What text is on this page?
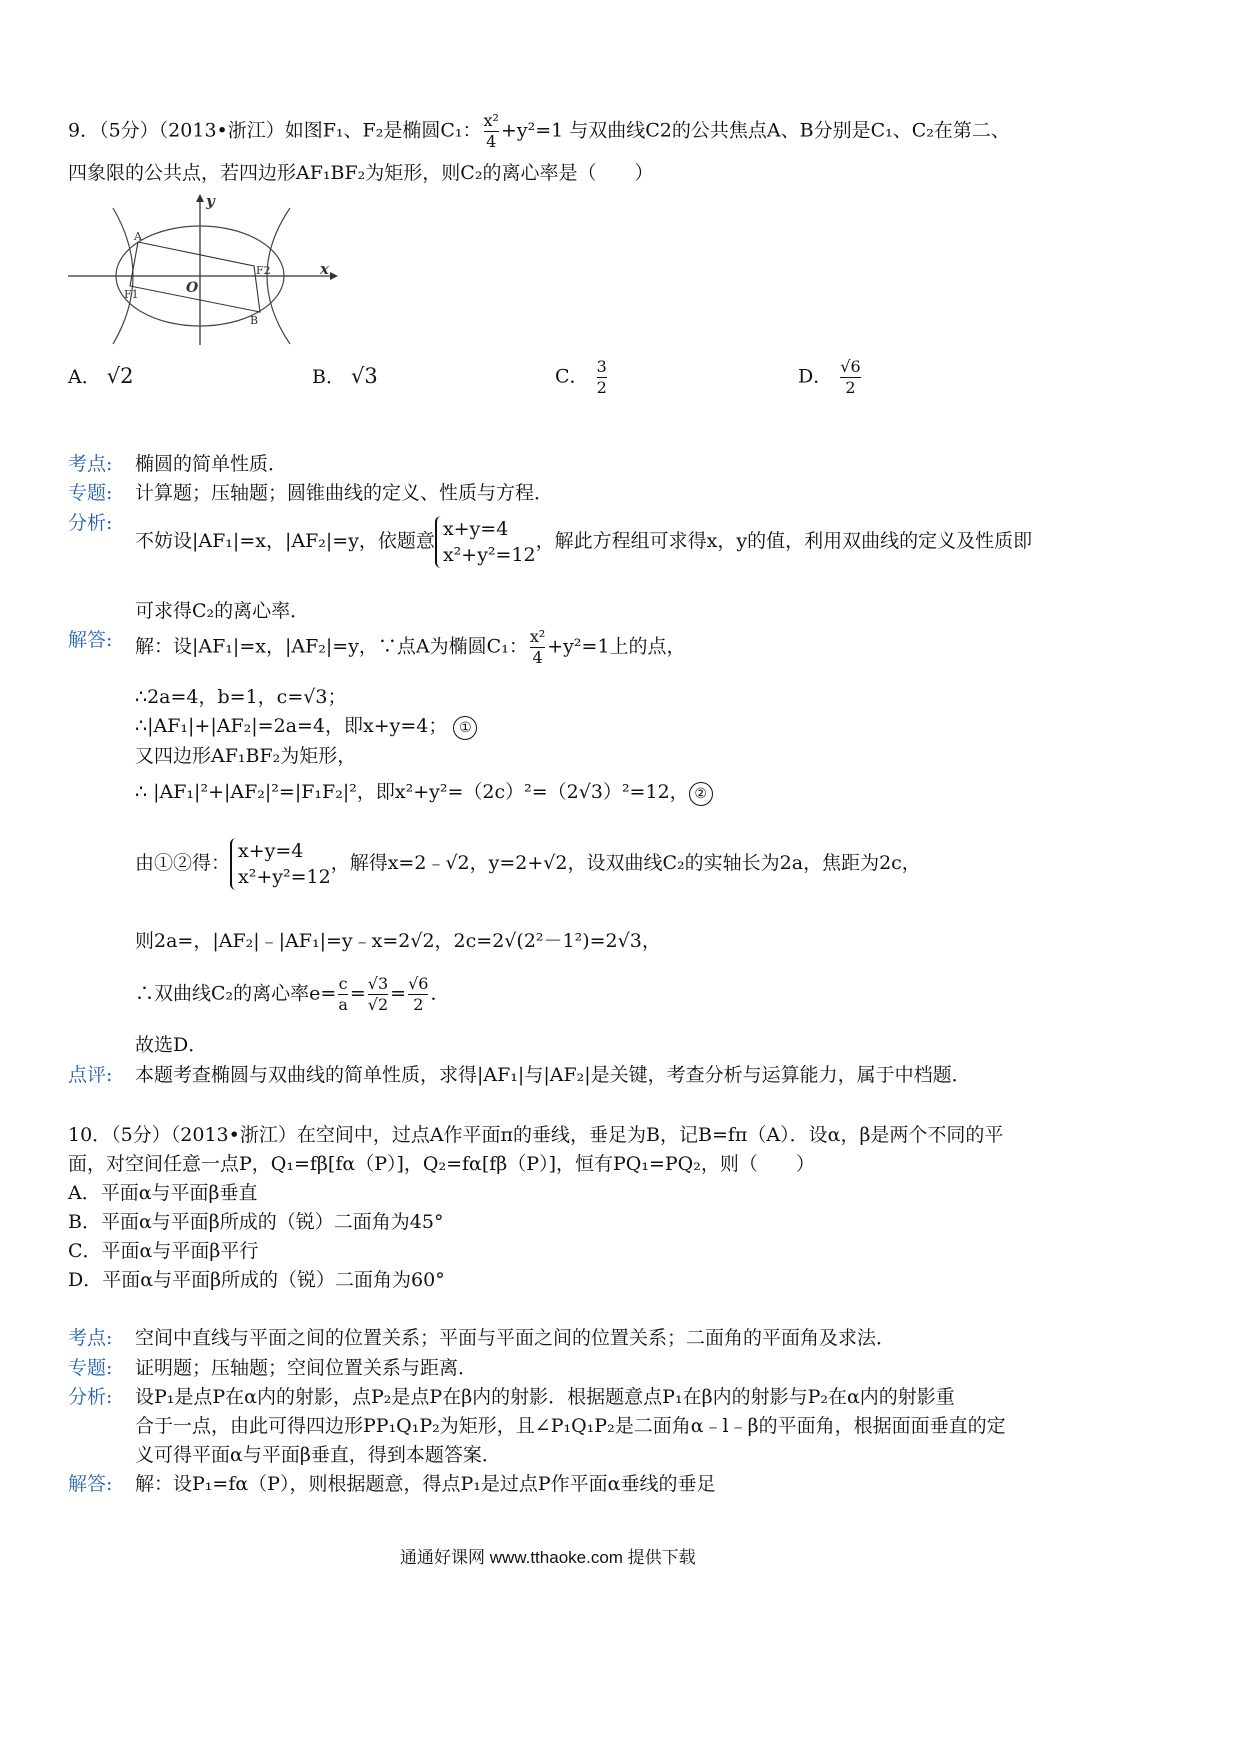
9．（5分）（2013•浙江）如图F₁、F₂是椭圆C₁： $\frac{\text{x²}}{4} +y^2=1$ 与双曲线C2的公共焦点A、B分别是C₁、C₂在第二、
四象限的公共点，若四边形AF₁BF₂为矩形，则C₂的离心率是（　　）
A
B
F1
F2
O
x
y
A． √2	B． √3	C． $\frac{3}{2}$	D． $\frac{√6}{2}$
考点: 椭圆的简单性质．
专题: 计算题；压轴题；圆锥曲线的定义、性质与方程．
分析:
不妨设|AF₁|=x，|AF₂|=y，依题意
x+y=4
x²+y²=12
，解此方程组可求得x，y的值，利用双曲线的定义及性质即
可求得C₂的离心率．
解答: 解：设|AF₁|=x，|AF₂|=y，∵点A为椭圆C₁： $\frac{\text{x²}}{4} +y^2=1$上的点，
∴2a=4，b=1，c=√3；
∴|AF₁|+|AF₂|=2a=4，即x+y=4； ①
又四边形AF₁BF₂为矩形，
∴ |AF₁|²+|AF₂|²=|F₁F₂|²，即x²+y²=（2c）²=（2√3）²=12， ②
由①②得：
x+y=4
x²+y²=12
，解得x=2﹣√2，y=2+√2，设双曲线C₂的实轴长为2a，焦距为2c，
则2a=，|AF₂|﹣|AF₁|=y﹣x=2√2，2c=2√(2²－1²)=2√3，
∴双曲线C₂的离心率$e= \frac{c}{a} = \frac{√3}{√2} = \frac{√6}{2}$ ．
故选D．
点评: 本题考查椭圆与双曲线的简单性质，求得|AF₁|与|AF₂|是关键，考查分析与运算能力，属于中档题．
10．（5分）（2013•浙江）在空间中，过点A作平面π的垂线，垂足为B，记B=fπ（A）．设α，β是两个不同的平
面，对空间任意一点P，Q₁=fβ[fα（P）]，Q₂=fα[fβ（P）]，恒有PQ₁=PQ₂，则（　　）
A．平面α与平面β垂直
B．平面α与平面β所成的（锐）二面角为45°
C．平面α与平面β平行
D．平面α与平面β所成的（锐）二面角为60°
考点: 空间中直线与平面之间的位置关系；平面与平面之间的位置关系；二面角的平面角及求法．
专题: 证明题；压轴题；空间位置关系与距离．
分析: 设P₁是点P在α内的射影，点P₂是点P在β内的射影．根据题意点P₁在β内的射影与P₂在α内的射影重
合于一点，由此可得四边形PP₁Q₁P₂为矩形，且∠P₁Q₁P₂是二面角α﹣l﹣β的平面角，根据面面垂直的定
义可得平面α与平面β垂直，得到本题答案．
解答: 解：设P₁=fα（P），则根据题意，得点P₁是过点P作平面α垂线的垂足
通通好课网 www.tthaoke.com 提供下载
